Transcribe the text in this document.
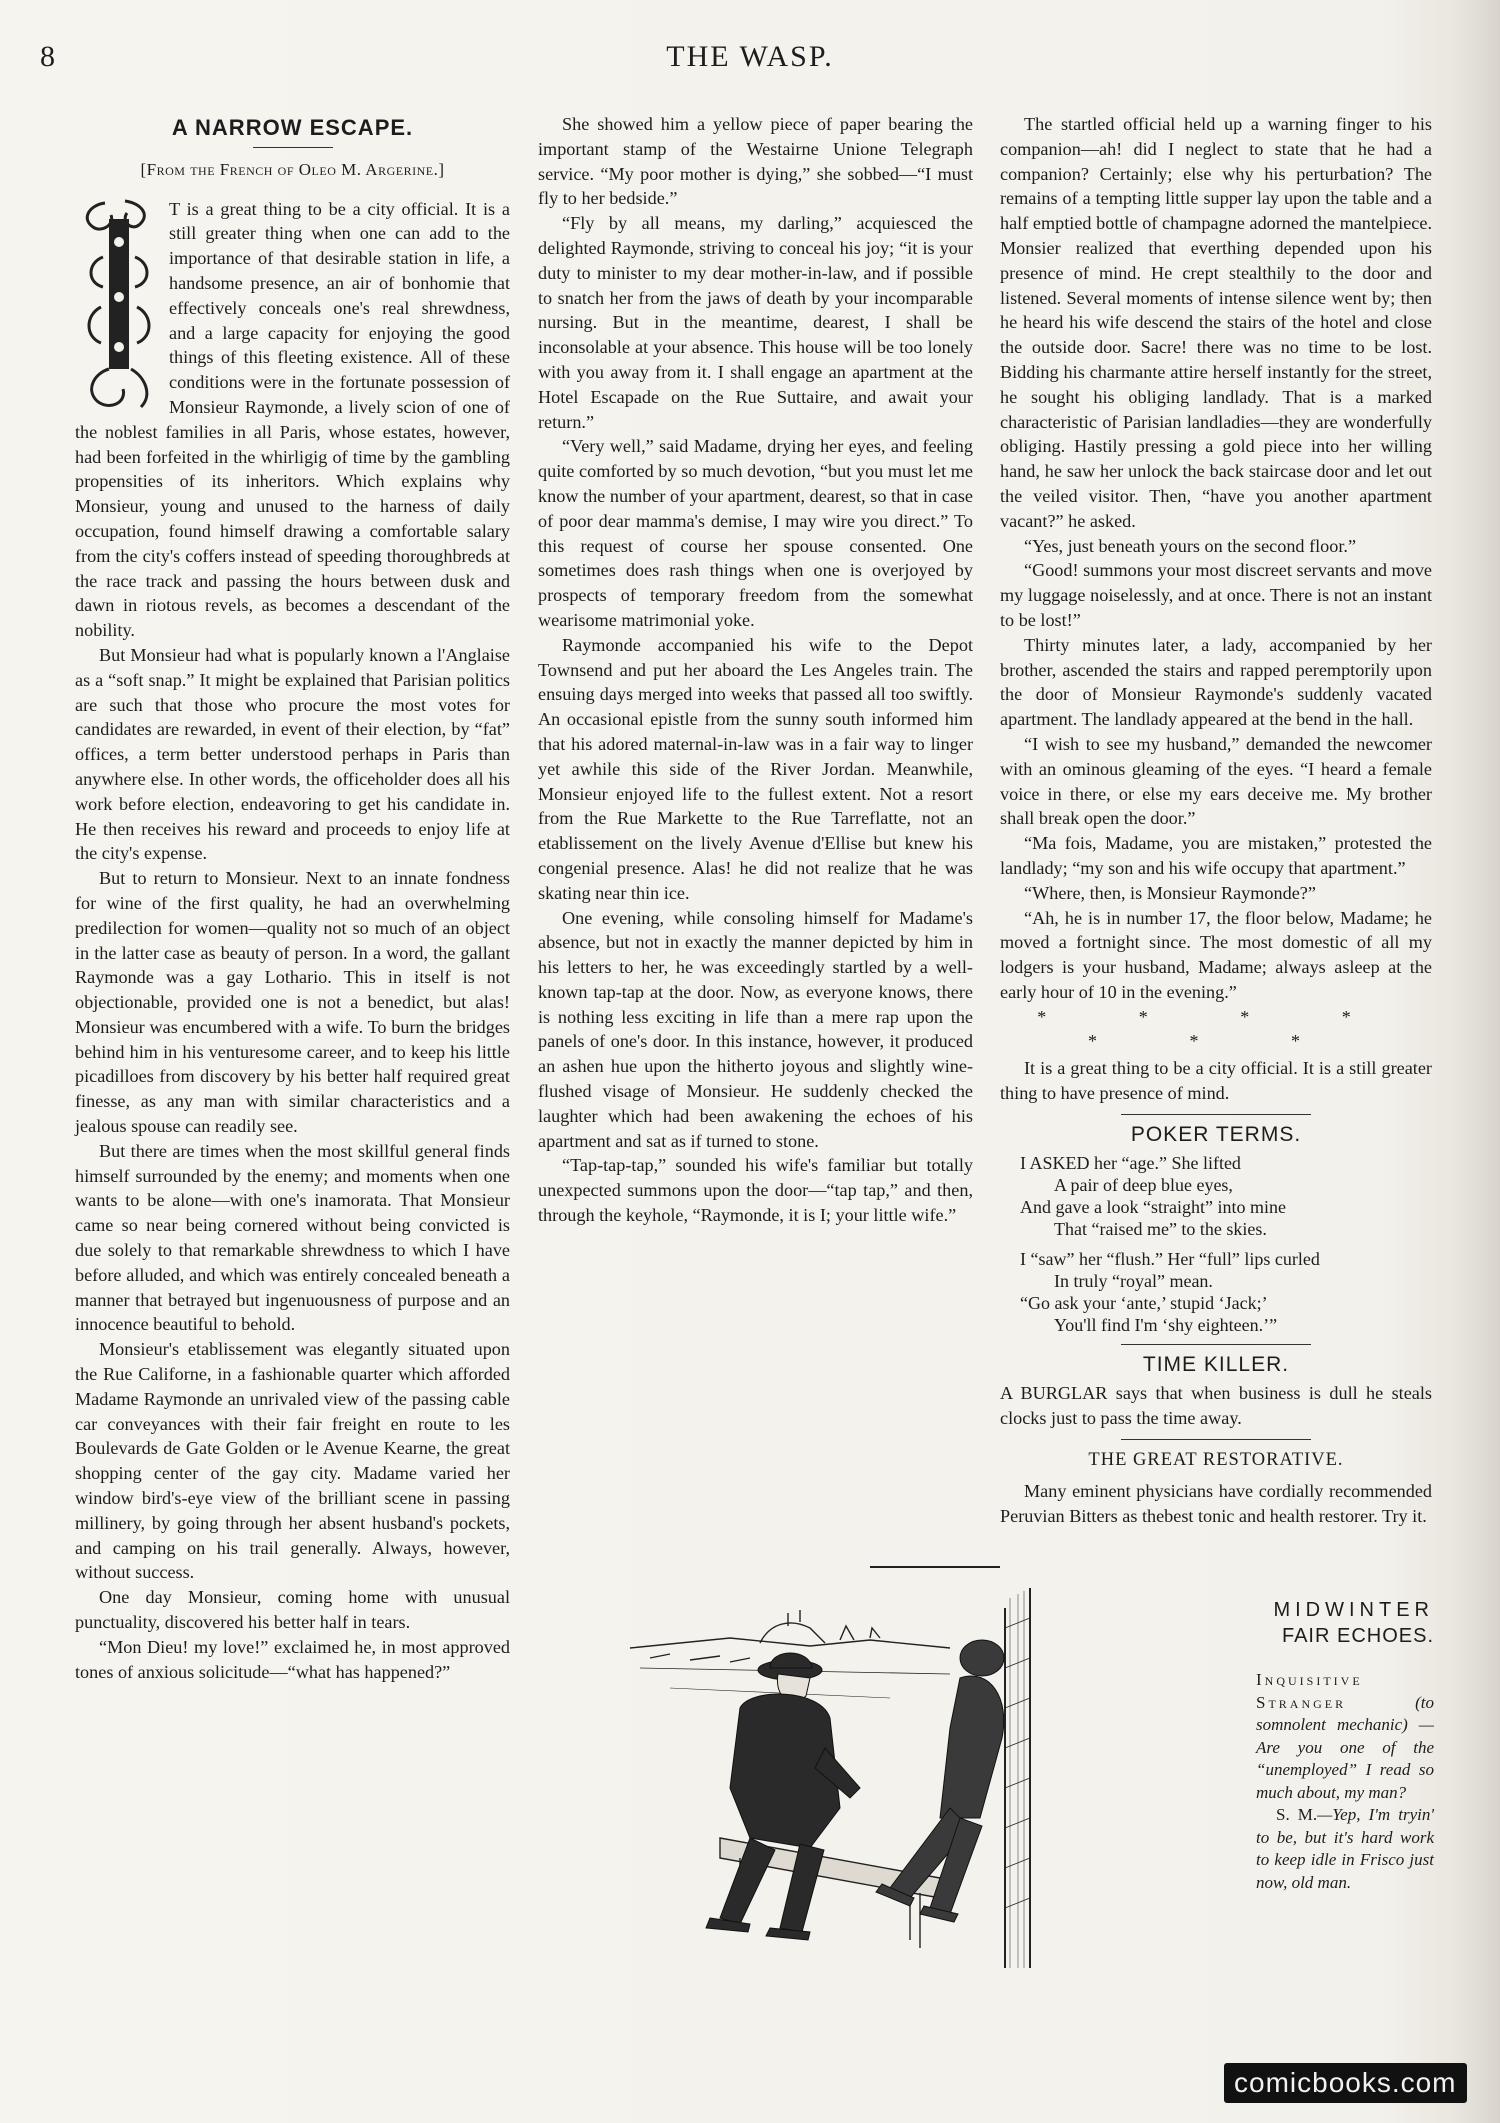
8	THE WASP.
A NARROW ESCAPE.
[From the French of Oleo M. Argerine.]

T is a great thing to be a city official. It is a still greater thing when one can add to the importance of that desirable station in life, a handsome presence, an air of bonhomie that effectively conceals one's real shrewdness, and a large capacity for enjoying the good things of this fleeting existence. All of these conditions were in the fortunate possession of Monsieur Raymonde, a lively scion of one of the noblest families in all Paris, whose estates, however, had been forfeited in the whirligig of time by the gambling propensities of its inheritors. Which explains why Monsieur, young and unused to the harness of daily occupation, found himself drawing a comfortable salary from the city's coffers instead of speeding thoroughbreds at the race track and passing the hours between dusk and dawn in riotous revels, as becomes a descendant of the nobility.

But Monsieur had what is popularly known a l'Anglaise as a “soft snap.” It might be explained that Parisian politics are such that those who procure the most votes for candidates are rewarded, in event of their election, by “fat” offices, a term better understood perhaps in Paris than anywhere else. In other words, the officeholder does all his work before election, endeavoring to get his candidate in. He then receives his reward and proceeds to enjoy life at the city's expense.

But to return to Monsieur. Next to an innate fondness for wine of the first quality, he had an overwhelming predilection for women—quality not so much of an object in the latter case as beauty of person. In a word, the gallant Raymonde was a gay Lothario. This in itself is not objectionable, provided one is not a benedict, but alas! Monsieur was encumbered with a wife. To burn the bridges behind him in his venturesome career, and to keep his little picadilloes from discovery by his better half required great finesse, as any man with similar characteristics and a jealous spouse can readily see.

But there are times when the most skillful general finds himself surrounded by the enemy; and moments when one wants to be alone—with one's inamorata. That Monsieur came so near being cornered without being convicted is due solely to that remarkable shrewdness to which I have before alluded, and which was entirely concealed beneath a manner that betrayed but ingenuousness of purpose and an innocence beautiful to behold.

Monsieur's etablissement was elegantly situated upon the Rue Californe, in a fashionable quarter which afforded Madame Raymonde an unrivaled view of the passing cable car conveyances with their fair freight en route to les Boulevards de Gate Golden or le Avenue Kearne, the great shopping center of the gay city. Madame varied her window bird's-eye view of the brilliant scene in passing millinery, by going through her absent husband's pockets, and camping on his trail generally. Always, however, without success.

One day Monsieur, coming home with unusual punctuality, discovered his better half in tears.

“Mon Dieu! my love!” exclaimed he, in most approved tones of anxious solicitude—“what has happened?”

She showed him a yellow piece of paper bearing the important stamp of the Westairne Unione Telegraph service. “My poor mother is dying,” she sobbed—“I must fly to her bedside.”

“Fly by all means, my darling,” acquiesced the delighted Raymonde, striving to conceal his joy; “it is your duty to minister to my dear mother-in-law, and if possible to snatch her from the jaws of death by your incomparable nursing. But in the meantime, dearest, I shall be inconsolable at your absence. This house will be too lonely with you away from it. I shall engage an apartment at the Hotel Escapade on the Rue Suttaire, and await your return.”

“Very well,” said Madame, drying her eyes, and feeling quite comforted by so much devotion, “but you must let me know the number of your apartment, dearest, so that in case of poor dear mamma's demise, I may wire you direct.” To this request of course her spouse consented. One sometimes does rash things when one is overjoyed by prospects of temporary freedom from the somewhat wearisome matrimonial yoke.

Raymonde accompanied his wife to the Depot Townsend and put her aboard the Les Angeles train. The ensuing days merged into weeks that passed all too swiftly. An occasional epistle from the sunny south informed him that his adored maternal-in-law was in a fair way to linger yet awhile this side of the River Jordan. Meanwhile, Monsieur enjoyed life to the fullest extent. Not a resort from the Rue Markette to the Rue Tarreflatte, not an etablissement on the lively Avenue d'Ellise but knew his congenial presence. Alas! he did not realize that he was skating near thin ice.

One evening, while consoling himself for Madame's absence, but not in exactly the manner depicted by him in his letters to her, he was exceedingly startled by a well-known tap-tap at the door. Now, as everyone knows, there is nothing less exciting in life than a mere rap upon the panels of one's door. In this instance, however, it produced an ashen hue upon the hitherto joyous and slightly wine-flushed visage of Monsieur. He suddenly checked the laughter which had been awakening the echoes of his apartment and sat as if turned to stone.

“Tap-tap-tap,” sounded his wife's familiar but totally unexpected summons upon the door—“tap tap,” and then, through the keyhole, “Raymonde, it is I; your little wife.”

The startled official held up a warning finger to his companion—ah! did I neglect to state that he had a companion? Certainly; else why his perturbation? The remains of a tempting little supper lay upon the table and a half emptied bottle of champagne adorned the mantelpiece. Monsier realized that everthing depended upon his presence of mind. He crept stealthily to the door and listened. Several moments of intense silence went by; then he heard his wife descend the stairs of the hotel and close the outside door. Sacre! there was no time to be lost. Bidding his charmante attire herself instantly for the street, he sought his obliging landlady. That is a marked characteristic of Parisian landladies—they are wonderfully obliging. Hastily pressing a gold piece into her willing hand, he saw her unlock the back staircase door and let out the veiled visitor. Then, “have you another apartment vacant?” he asked.

“Yes, just beneath yours on the second floor.”

“Good! summons your most discreet servants and move my luggage noiselessly, and at once. There is not an instant to be lost!”

Thirty minutes later, a lady, accompanied by her brother, ascended the stairs and rapped peremptorily upon the door of Monsieur Raymonde's suddenly vacated apartment. The landlady appeared at the bend in the hall.

“I wish to see my husband,” demanded the newcomer with an ominous gleaming of the eyes. “I heard a female voice in there, or else my ears deceive me. My brother shall break open the door.”

“Ma fois, Madame, you are mistaken,” protested the landlady; “my son and his wife occupy that apartment.”

“Where, then, is Monsieur Raymonde?”

“Ah, he is in number 17, the floor below, Madame; he moved a fortnight since. The most domestic of all my lodgers is your husband, Madame; always asleep at the early hour of 10 in the evening.”

* * * * * * *

It is a great thing to be a city official. It is a still greater thing to have presence of mind.

POKER TERMS.
I ASKED her “age.” She lifted
A pair of deep blue eyes,
And gave a look “straight” into mine
That “raised me” to the skies.
I “saw” her “flush.” Her “full” lips curled
In truly “royal” mean.
“Go ask your ‘ante,’ stupid ‘Jack;’
You'll find I'm ‘shy eighteen.’”
TIME KILLER.

A BURGLAR says that when business is dull he steals clocks just to pass the time away.

THE GREAT RESTORATIVE.

Many eminent physicians have cordially recommended Peruvian Bitters as thebest tonic and health restorer. Try it.

MIDWINTER
FAIR ECHOES.

Inquisitive Stranger	(to somnolent mechanic) — Are you one of the “unemployed” I read so much about, my man?

S. M.—Yep, I'm tryin' to be, but it's hard work to keep idle in Frisco just now, old man.

comicbooks.com
